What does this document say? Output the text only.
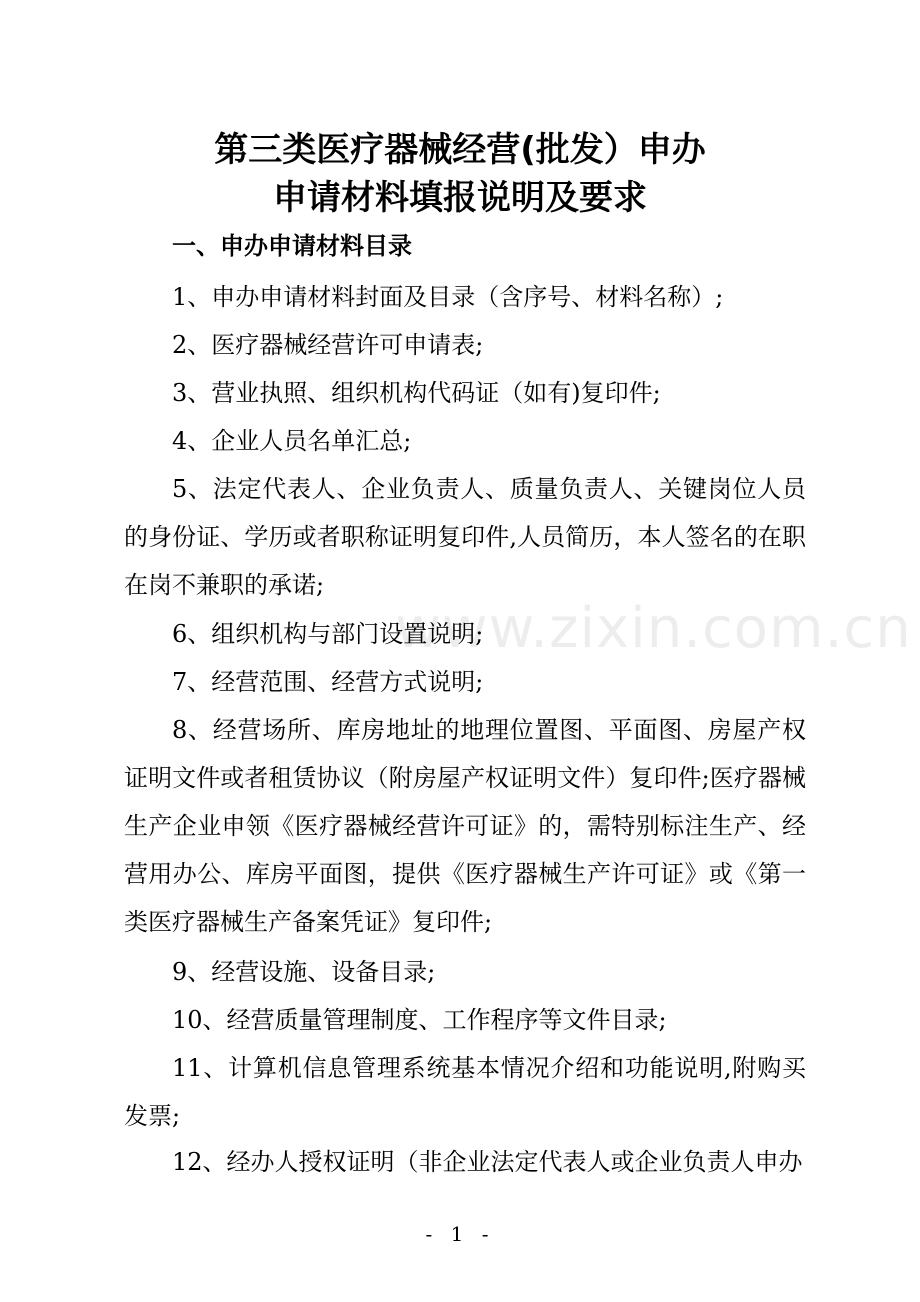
第三类医疗器械经营(批发）申办
申请材料填报说明及要求
一、申办申请材料目录

1、申办申请材料封面及目录（含序号、材料名称）;

2、医疗器械经营许可申请表;

3、营业执照、组织机构代码证（如有)复印件;

4、企业人员名单汇总;

5、法定代表人、企业负责人、质量负责人、关键岗位人员的身份证、学历或者职称证明复印件,人员简历，本人签名的在职在岗不兼职的承诺;

6、组织机构与部门设置说明;

7、经营范围、经营方式说明;

8、经营场所、库房地址的地理位置图、平面图、房屋产权证明文件或者租赁协议（附房屋产权证明文件）复印件;医疗器械生产企业申领《医疗器械经营许可证》的，需特别标注生产、经营用办公、库房平面图，提供《医疗器械生产许可证》或《第一类医疗器械生产备案凭证》复印件;

9、经营设施、设备目录;

10、经营质量管理制度、工作程序等文件目录;

11、计算机信息管理系统基本情况介绍和功能说明,附购买发票;

12、经办人授权证明（非企业法定代表人或企业负责人申办

www.zixin.com.cn
- 1 -
